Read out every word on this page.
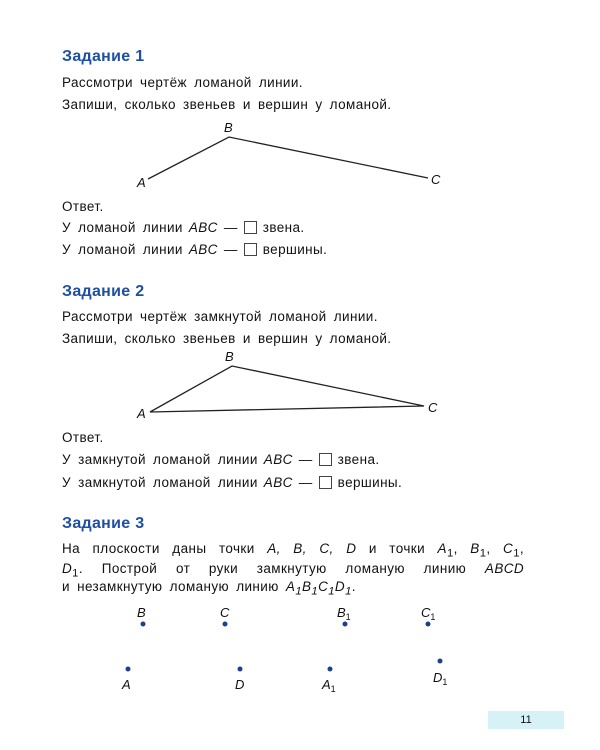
Задание 1
Рассмотри чертёж ломаной линии.
Запиши, сколько звеньев и вершин у ломаной.
B
A	C
Ответ.
У ломаной линии ABC — звена.
У ломаной линии ABC — вершины.
Задание 2
Рассмотри чертёж замкнутой ломаной линии.
Запиши, сколько звеньев и вершин у ломаной.
B
A	C
Ответ.
У замкнутой ломаной линии ABC — звена.
У замкнутой ломаной линии ABC — вершины.
Задание 3
На плоскости даны точки A, B, C, D и точки $A_1$, $B_1$, $C_1$,
$D_1$. Построй от руки замкнутую ломаную линию ABCD
и незамкнутую ломаную линию $A_1B_1C_1D_1$.
B	C	$B_1$	$C_1$
A	D	$A_1$
$D_1$
11
